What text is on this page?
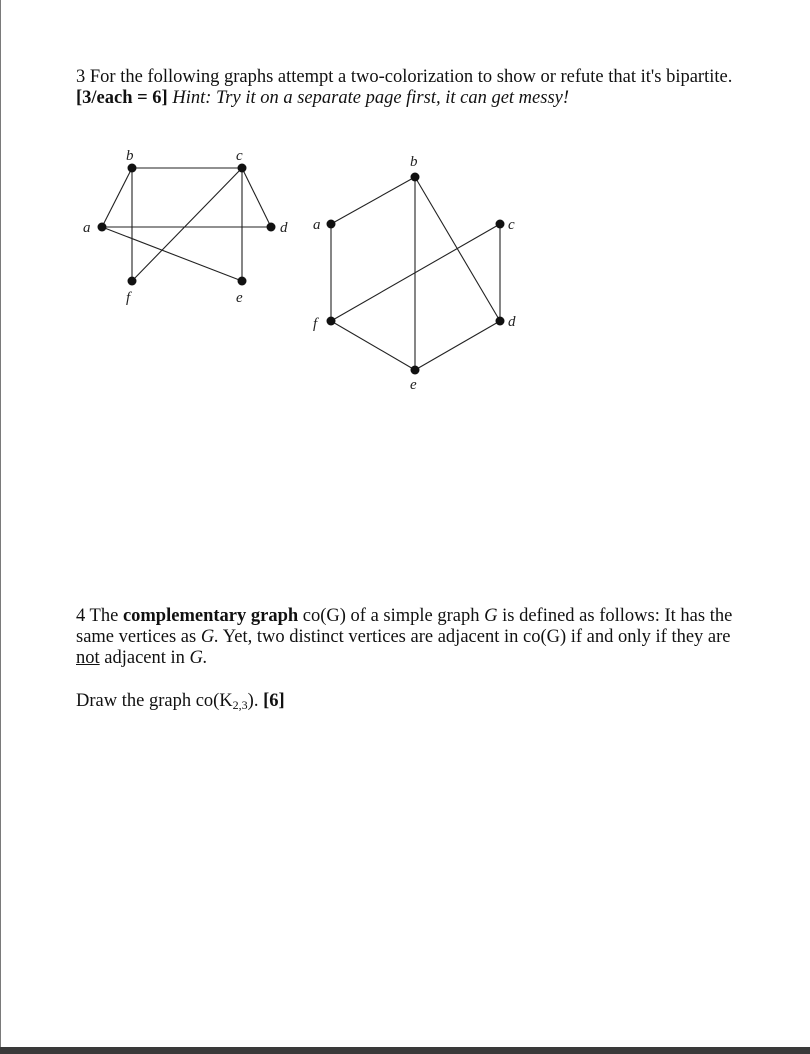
3 For the following graphs attempt a two-colorization to show or refute that it's bipartite. [3/each = 6] Hint: Try it on a separate page first, it can get messy!
a
b	c
d
e
f
a
b
c
d
e
f
4 The complementary graph co(G) of a simple graph G is defined as follows: It has the same vertices as G. Yet, two distinct vertices are adjacent in co(G) if and only if they are not adjacent in G.
Draw the graph $co(K_{2,3})$. [6]
